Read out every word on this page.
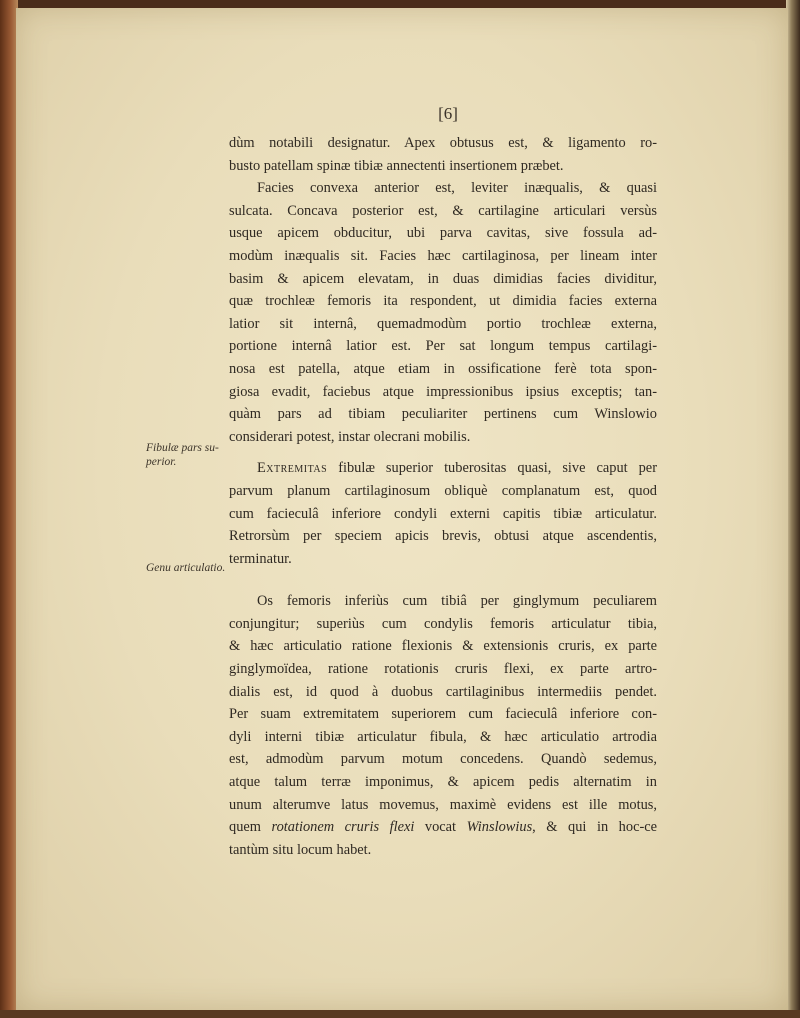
[6]

dùm notabili designatur. Apex obtusus est, & ligamento ro-
busto patellam spinæ tibiæ annectenti insertionem præbet.

Facies convexa anterior est, leviter inæqualis, & quasi
sulcata. Concava posterior est, & cartilagine articulari versùs
usque apicem obducitur, ubi parva cavitas, sive fossula ad-
modùm inæqualis sit. Facies hæc cartilaginosa, per lineam inter
basim & apicem elevatam, in duas dimidias facies dividitur,
quæ trochleæ femoris ita respondent, ut dimidia facies externa
latior sit internâ, quemadmodùm portio trochleæ externa,
portione internâ latior est. Per sat longum tempus cartilagi-
nosa est patella, atque etiam in ossificatione ferè tota spon-
giosa evadit, faciebus atque impressionibus ipsius exceptis; tan-
quàm pars ad tibiam peculiariter pertinens cum Winslowio
considerari potest, instar olecrani mobilis.

Extremitas fibulæ superior tuberositas quasi, sive caput per
parvum planum cartilaginosum obliquè complanatum est, quod
cum facieculâ inferiore condyli externi capitis tibiæ articulatur.
Retrorsùm per speciem apicis brevis, obtusi atque ascendentis,
terminatur.

Os femoris inferiùs cum tibiâ per ginglymum peculiarem
conjungitur; superiùs cum condylis femoris articulatur tibia,
& hæc articulatio ratione flexionis & extensionis cruris, ex parte
ginglymoïdea, ratione rotationis cruris flexi, ex parte artro-
dialis est, id quod à duobus cartilaginibus intermediis pendet.
Per suam extremitatem superiorem cum facieculâ inferiore con-
dyli interni tibiæ articulatur fibula, & hæc articulatio artrodia
est, admodùm parvum motum concedens. Quandò sedemus,
atque talum terræ imponimus, & apicem pedis alternatim in
unum alterumve latus movemus, maximè evidens est ille motus,
quem rotationem cruris flexi vocat Winslowius, & qui in hoc-ce
tantùm situ locum habet.

Fibulæ pars su-
perior.
Genu articulatio.
